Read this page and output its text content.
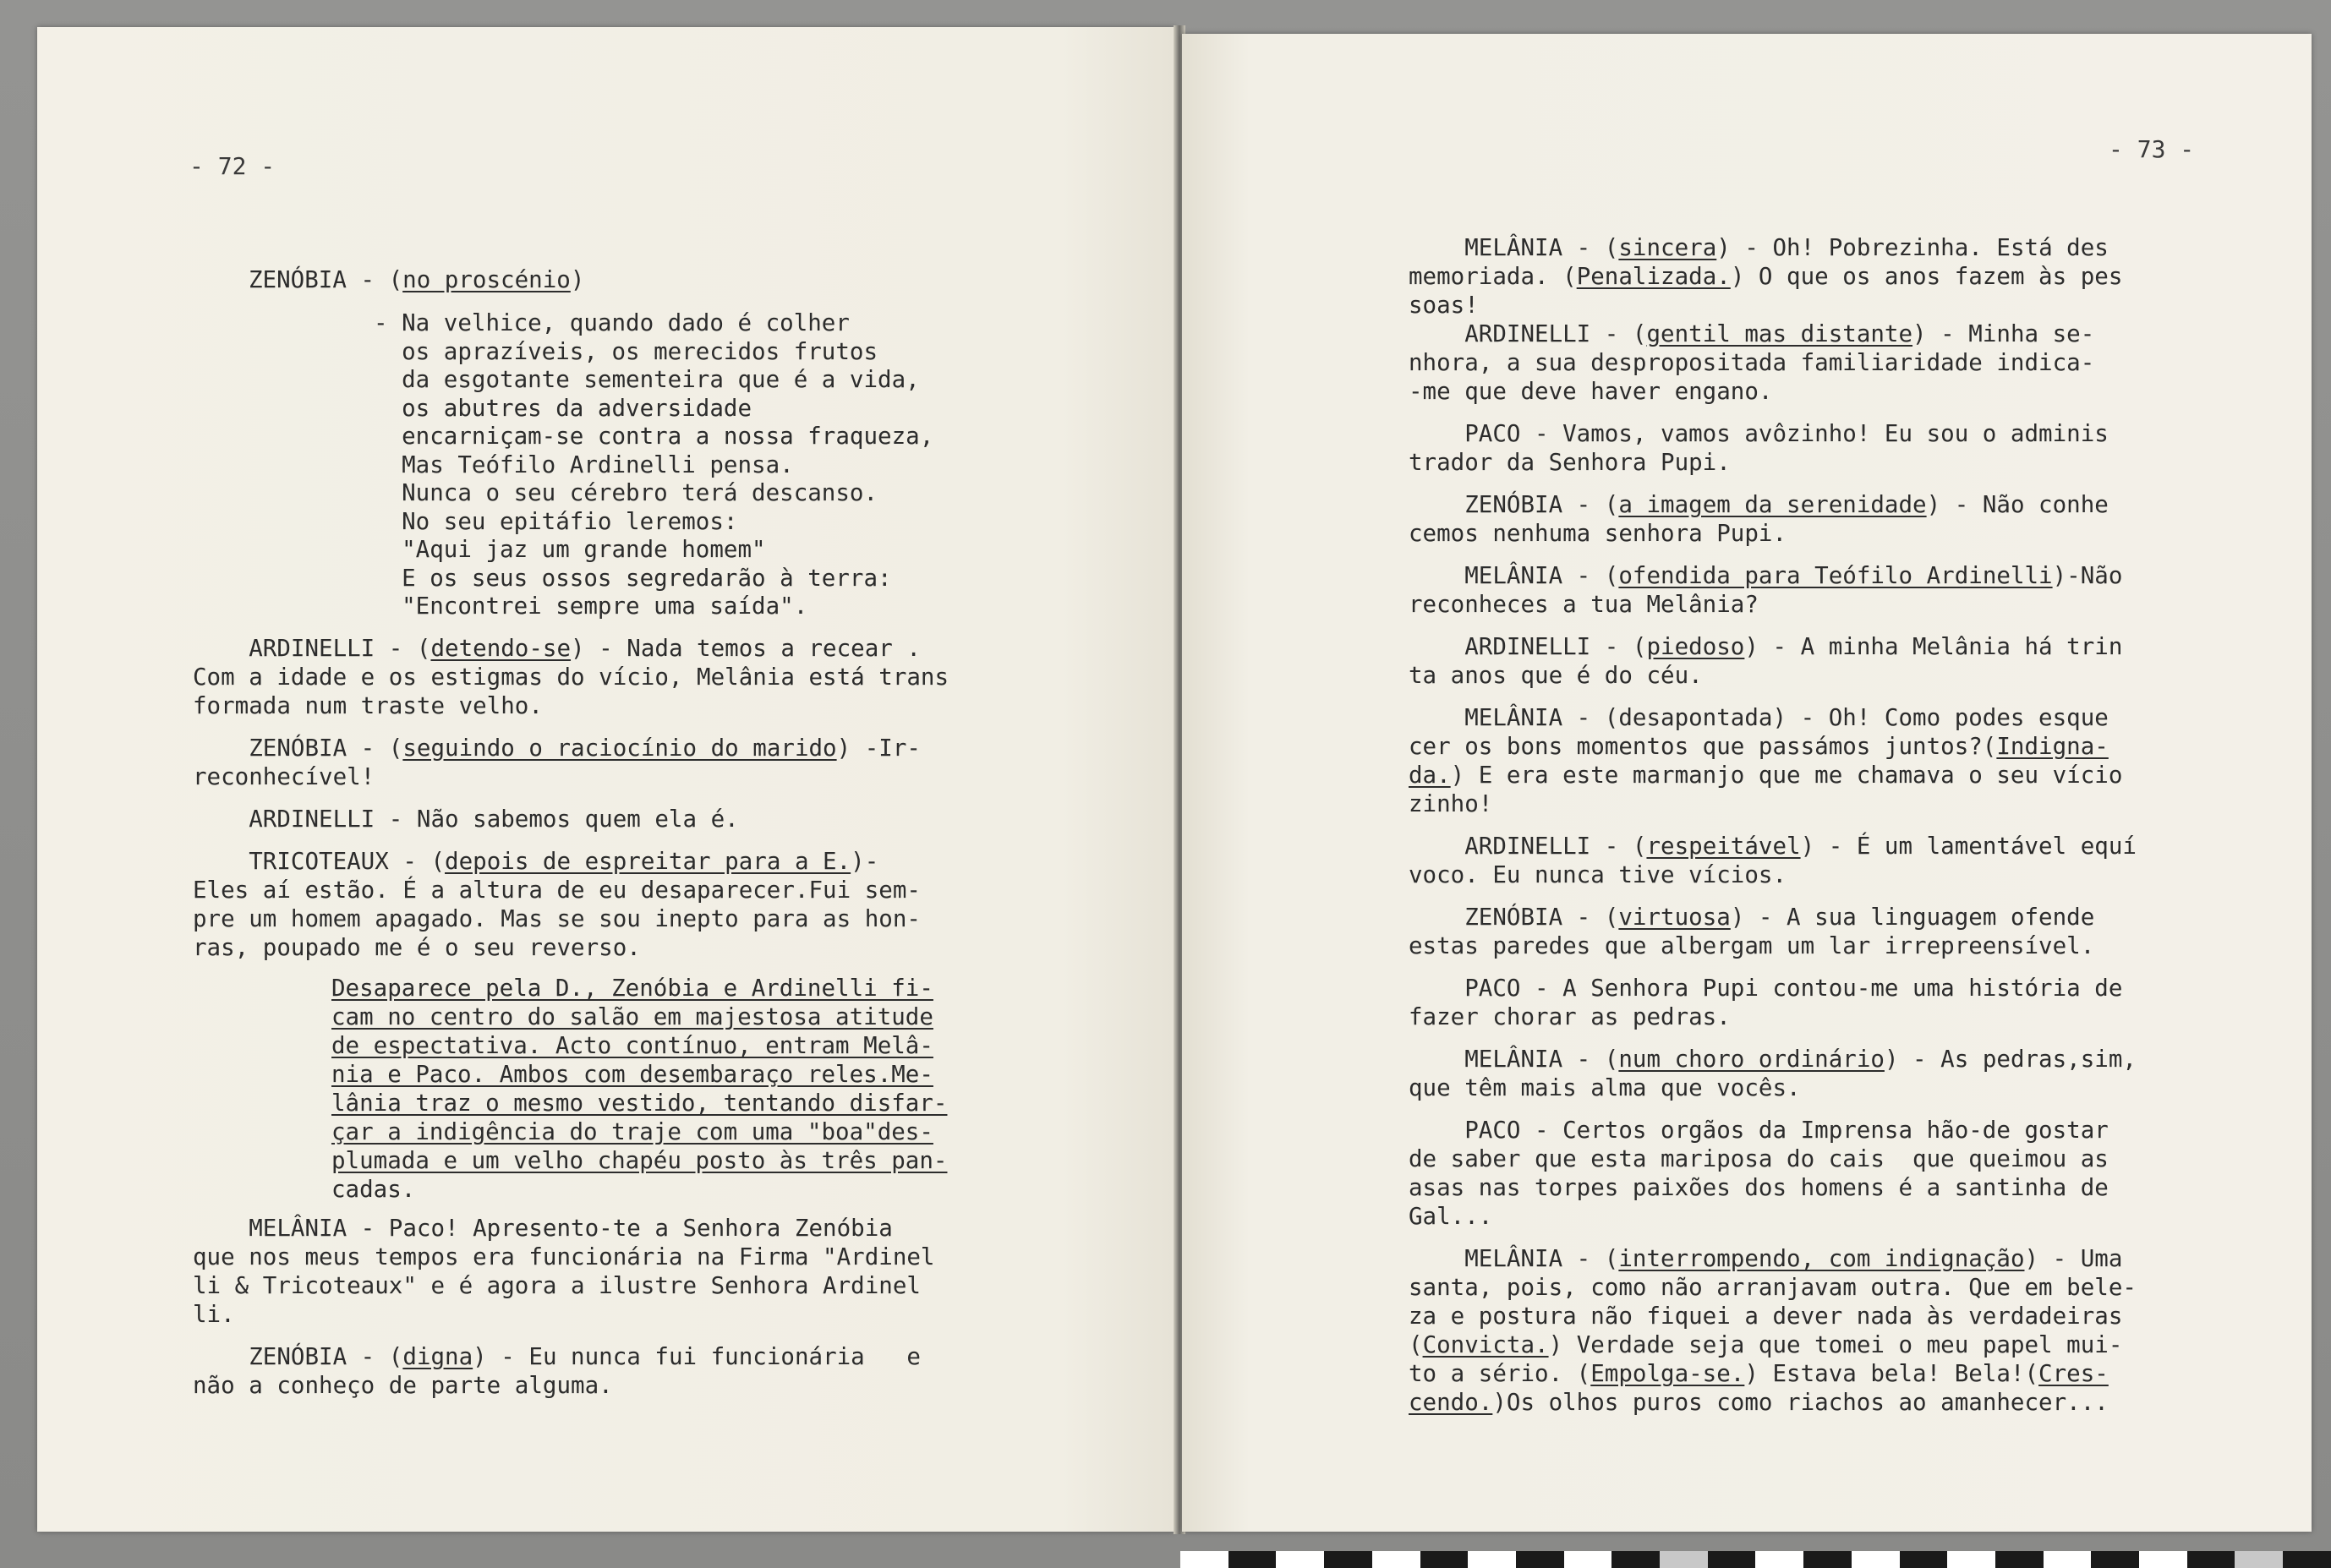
- 72 -
ZENÓBIA - (no proscénio)
- Na velhice, quando dado é colher
os aprazíveis, os merecidos frutos
da esgotante sementeira que é a vida,
os abutres da adversidade
encarniçam-se contra a nossa fraqueza,
Mas Teófilo Ardinelli pensa.
Nunca o seu cérebro terá descanso.
No seu epitáfio leremos:
"Aqui jaz um grande homem"
E os seus ossos segredarão à terra:
"Encontrei sempre uma saída".
ARDINELLI - (detendo-se) - Nada temos a recear .
Com a idade e os estigmas do vício, Melânia está trans
formada num traste velho.
ZENÓBIA - (seguindo o raciocínio do marido) -Ir-
reconhecível!
ARDINELLI - Não sabemos quem ela é.
TRICOTEAUX - (depois de espreitar para a E.)-
Eles aí estão. É a altura de eu desaparecer.Fui sem-
pre um homem apagado. Mas se sou inepto para as hon-
ras, poupado me é o seu reverso.
Desaparece pela D., Zenóbia e Ardinelli fi-
cam no centro do salão em majestosa atitude
de espectativa. Acto contínuo, entram Melâ-
nia e Paco. Ambos com desembaraço reles.Me-
lânia traz o mesmo vestido, tentando disfar-
çar a indigência do traje com uma "boa"des-
plumada e um velho chapéu posto às três pan-
cadas.
MELÂNIA - Paco! Apresento-te a Senhora Zenóbia
que nos meus tempos era funcionária na Firma "Ardinel
li & Tricoteaux" e é agora a ilustre Senhora Ardinel
li.
ZENÓBIA - (digna) - Eu nunca fui funcionária   e
não a conheço de parte alguma.
- 73 -
MELÂNIA - (sincera) - Oh! Pobrezinha. Está des
memoriada. (Penalizada.) O que os anos fazem às pes
soas!
ARDINELLI - (gentil mas distante) - Minha se-
nhora, a sua despropositada familiaridade indica-
-me que deve haver engano.
PACO - Vamos, vamos avôzinho! Eu sou o adminis
trador da Senhora Pupi.
ZENÓBIA - (a imagem da serenidade) - Não conhe
cemos nenhuma senhora Pupi.
MELÂNIA - (ofendida para Teófilo Ardinelli)-Não
reconheces a tua Melânia?
ARDINELLI - (piedoso) - A minha Melânia há trin
ta anos que é do céu.
MELÂNIA - (desapontada) - Oh! Como podes esque
cer os bons momentos que passámos juntos?(Indigna-
da.) E era este marmanjo que me chamava o seu vício
zinho!
ARDINELLI - (respeitável) - É um lamentável equí
voco. Eu nunca tive vícios.
ZENÓBIA - (virtuosa) - A sua linguagem ofende
estas paredes que albergam um lar irrepreensível.
PACO - A Senhora Pupi contou-me uma história de
fazer chorar as pedras.
MELÂNIA - (num choro ordinário) - As pedras,sim,
que têm mais alma que vocês.
PACO - Certos orgãos da Imprensa hão-de gostar
de saber que esta mariposa do cais  que queimou as
asas nas torpes paixões dos homens é a santinha de
Gal...
MELÂNIA - (interrompendo, com indignação) - Uma
santa, pois, como não arranjavam outra. Que em bele-
za e postura não fiquei a dever nada às verdadeiras
(Convicta.) Verdade seja que tomei o meu papel mui-
to a sério. (Empolga-se.) Estava bela! Bela!(Cres-
cendo.)Os olhos puros como riachos ao amanhecer...
